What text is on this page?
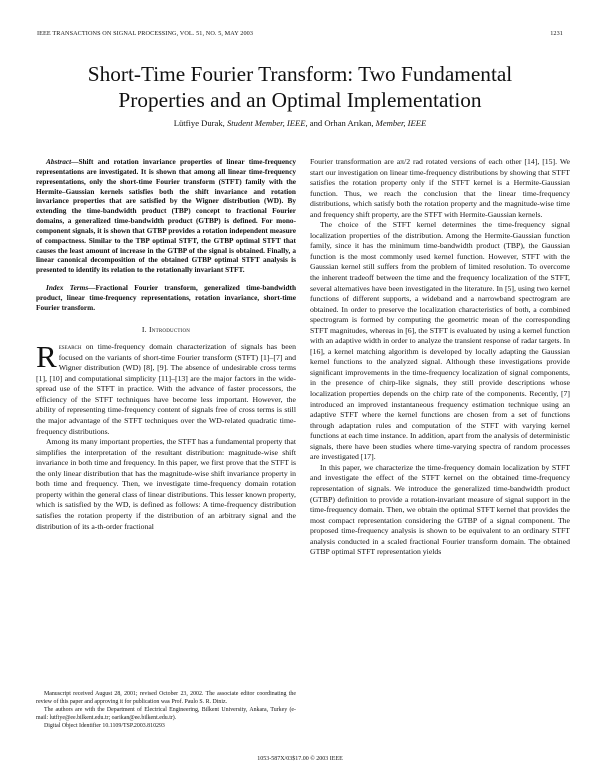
IEEE TRANSACTIONS ON SIGNAL PROCESSING, VOL. 51, NO. 5, MAY 2003	1231
Short-Time Fourier Transform: Two Fundamental
Properties and an Optimal Implementation
Lütfiye Durak, Student Member, IEEE, and Orhan Arıkan, Member, IEEE

Abstract—Shift and rotation invariance properties of linear time-frequency representations are investigated. It is shown that among all linear time-frequency representations, only the short-time Fourier transform (STFT) family with the Hermite–Gaussian kernels satisfies both the shift invariance and rotation invariance properties that are satisfied by the Wigner distribution (WD). By extending the time-bandwidth product (TBP) concept to fractional Fourier domains, a generalized time-bandwidth product (GTBP) is defined. For mono-component signals, it is shown that GTBP provides a rotation independent measure of compactness. Similar to the TBP optimal STFT, the GTBP optimal STFT that causes the least amount of increase in the GTBP of the signal is obtained. Finally, a linear canonical decomposition of the obtained GTBP optimal STFT analysis is presented to identify its relation to the rotationally invariant STFT.

Index Terms—Fractional Fourier transform, generalized time-bandwidth product, linear time-frequency representations, rotation invariance, short-time Fourier transform.

I. Introduction

Research on time-frequency domain characterization of signals has been focused on the variants of short-time Fourier transform (STFT) [1]–[7] and Wigner distribution (WD) [8], [9]. The absence of undesirable cross terms [1], [10] and computational simplicity [11]–[13] are the major factors in the wide-spread use of the STFT in practice. With the advance of faster processors, the efficiency of the STFT techniques have become less important. However, the ability of representing time-frequency content of signals free of cross terms is still the major advantage of the STFT techniques over the WD-related quadratic time-frequency distributions.

Among its many important properties, the STFT has a fundamental property that simplifies the interpretation of the resultant distribution: magnitude-wise shift invariance in both time and frequency. In this paper, we first prove that the STFT is the only linear distribution that has the magnitude-wise shift invariance property in both time and frequency. Then, we investigate time-frequency domain rotation property within the general class of linear distributions. This lesser known property, which is satisfied by the WD, is defined as follows: A time-frequency distribution satisfies the rotation property if the distribution of an arbitrary signal and the distribution of its a-th-order fractional

Manuscript received August 28, 2001; revised October 23, 2002. The associate editor coordinating the review of this paper and approving it for publication was Prof. Paulo S. R. Diniz.

The authors are with the Department of Electrical Engineering, Bilkent University, Ankara, Turkey (e-mail: lutfiye@ee.bilkent.edu.tr; oarikan@ee.bilkent.edu.tr).

Digital Object Identifier 10.1109/TSP.2003.810293

Fourier transformation are aπ/2 rad rotated versions of each other [14], [15]. We start our investigation on linear time-frequency distributions by showing that STFT satisfies the rotation property only if the STFT kernel is a Hermite-Gaussian function. Thus, we reach the conclusion that the linear time-frequency distributions, which satisfy both the rotation property and the magnitude-wise time and frequency shift property, are the STFT with Hermite-Gaussian kernels.

The choice of the STFT kernel determines the time-frequency signal localization properties of the distribution. Among the Hermite-Gaussian function family, since it has the minimum time-bandwidth product (TBP), the Gaussian function is the most commonly used kernel function. However, STFT with the Gaussian kernel still suffers from the problem of limited resolution. To overcome the inherent tradeoff between the time and the frequency localization of the STFT, several alternatives have been investigated in the literature. In [5], using two kernel functions of different supports, a wideband and a narrowband spectrogram are obtained. In order to preserve the localization characteristics of both, a combined spectrogram is formed by computing the geometric mean of the corresponding STFT magnitudes, whereas in [6], the STFT is evaluated by using a kernel function with an adaptive width in order to analyze the transient response of radar targets. In [16], a kernel matching algorithm is developed by locally adapting the Gaussian kernel functions to the analyzed signal. Although these investigations provide significant improvements in the time-frequency localization of signal components, in the presence of chirp-like signals, they still provide descriptions whose localization properties depends on the chirp rate of the components. Recently, [7] introduced an improved instantaneous frequency estimation technique using an adaptive STFT where the kernel functions are chosen from a set of functions through adaptation rules and computation of the STFT with varying kernel functions at each time instance. In addition, apart from the analysis of deterministic signals, there have been studies where time-varying spectra of random processes are investigated [17].

In this paper, we characterize the time-frequency domain localization by STFT and investigate the effect of the STFT kernel on the obtained time-frequency representation of signals. We introduce the generalized time-bandwidth product (GTBP) definition to provide a rotation-invariant measure of signal support in the time-frequency domain. Then, we obtain the optimal STFT kernel that provides the most compact representation considering the GTBP of a signal component. The proposed time-frequency analysis is shown to be equivalent to an ordinary STFT analysis conducted in a scaled fractional Fourier transform domain. The obtained GTBP optimal STFT representation yields

1053-587X/03$17.00 © 2003 IEEE
